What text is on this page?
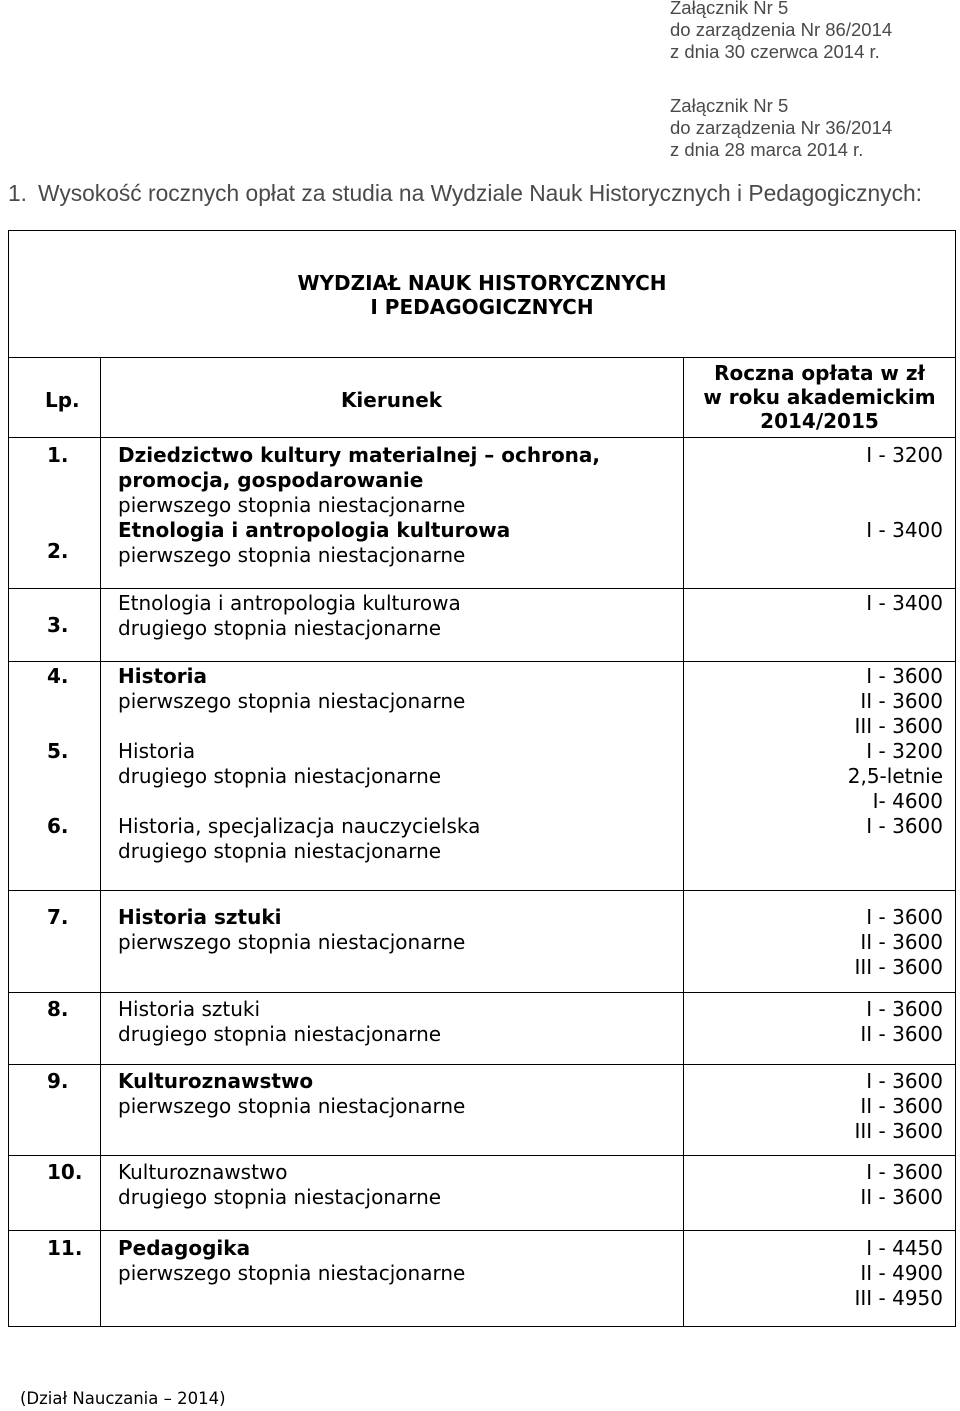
Załącznik Nr 5
do zarządzenia Nr 86/2014
z dnia 30 czerwca 2014 r.
Załącznik Nr 5
do zarządzenia Nr 36/2014
z dnia 28 marca 2014 r.
1. Wysokość rocznych opłat za studia na Wydziale Nauk Historycznych i Pedagogicznych:
WYDZIAŁ NAUK HISTORYCZNYCH
I PEDAGOGICZNYCH
Lp.	Kierunek
Roczna opłata w zł
w roku akademickim
2014/2015
1. Dziedzictwo kultury materialnej – ochrona,
promocja, gospodarowanie
pierwszego stopnia niestacjonarne
I - 3200
2.
Etnologia i antropologia kulturowa
pierwszego stopnia niestacjonarne
I - 3400
3.
Etnologia i antropologia kulturowa
drugiego stopnia niestacjonarne
I - 3400
4. Historia
pierwszego stopnia niestacjonarne
I - 3600
II - 3600
III - 3600
5. Historia
drugiego stopnia niestacjonarne
I - 3200
2,5-letnie
I- 4600
6. Historia, specjalizacja nauczycielska
drugiego stopnia niestacjonarne
I - 3600
7. Historia sztuki
pierwszego stopnia niestacjonarne
I - 3600
II - 3600
III - 3600
8. Historia sztuki
drugiego stopnia niestacjonarne
I - 3600
II - 3600
9. Kulturoznawstwo
pierwszego stopnia niestacjonarne
I - 3600
II - 3600
III - 3600
10. Kulturoznawstwo
drugiego stopnia niestacjonarne
I - 3600
II - 3600
11. Pedagogika
pierwszego stopnia niestacjonarne
I - 4450
II - 4900
III - 4950
(Dział Nauczania – 2014)
